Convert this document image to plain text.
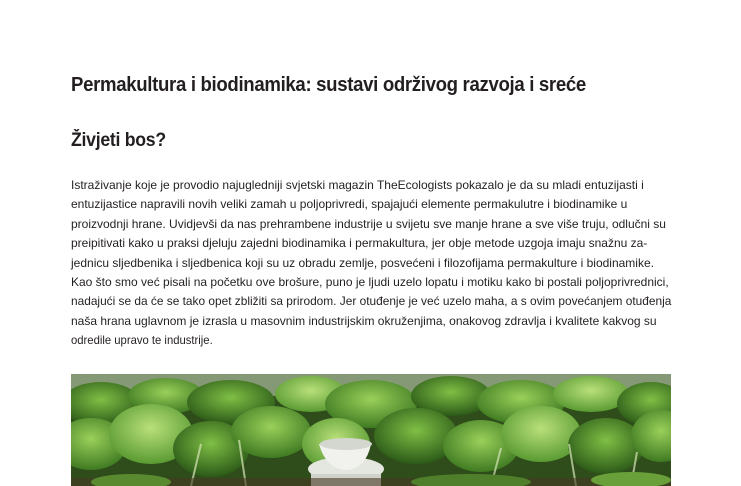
Permakultura i biodinamika: sustavi održivog razvoja i sreće
Živjeti bos?
Istraživanje koje je provodio najugledniji svjetski magazin TheEcologists pokazalo je da su mladi entuzijasti i
entuzijastice napravili novih veliki zamah u poljoprivredi, spajajući elemente permakulutre i biodinamike u
proizvodnji hrane. Uvidjevši da nas prehrambene industrije u svijetu sve manje hrane a sve više truju, odlučni su
preipitivati kako u praksi djeluju zajedni biodinamika i permakultura, jer obje metode uzgoja imaju snažnu za-
jednicu sljedbenika i sljedbenica koji su uz obradu zemlje, posvećeni i filozofijama permakulture i biodinamike.
Kao što smo već pisali na početku ove brošure, puno je ljudi uzelo lopatu i motiku kako bi postali poljoprivrednici,
nadajući se da će se tako opet zbližiti sa prirodom. Jer otuđenje je već uzelo maha, a s ovim povećanjem otuđenja
naša hrana uglavnom je izrasla u masovnim industrijskim okruženjima, onakovog zdravlja i kvalitete kakvog su
odredile upravo te industrije.
